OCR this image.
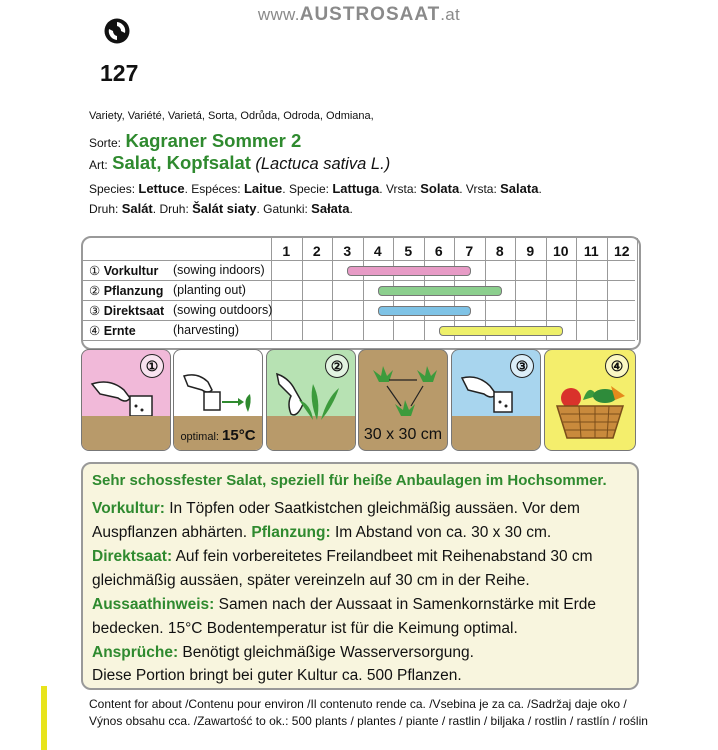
www.AUSTROSAAT.at
127
Variety, Variété, Varietá, Sorta, Odrůda, Odroda, Odmiana,
Sorte: Kagraner Sommer 2
Art: Salat, Kopfsalat (Lactuca sativa L.)
Species: Lettuce. Espéces: Laitue. Specie: Lattuga. Vrsta: Solata. Vrsta: Salata.
Druh: Salát. Druh: Šalát siaty. Gatunki: Sałata.
1	2	3	4	5	6	7	8	9	10	11	12
① Vorkultur (sowing indoors)
② Pflanzung (planting out)
③ Direktsaat (sowing outdoors)
④ Ernte	(harvesting)
①
optimal: 15°C
②
30 x 30 cm
③	④
Sehr schossfester Salat, speziell für heiße Anbaulagen im Hochsommer.
Vorkultur: In Töpfen oder Saatkistchen gleichmäßig aussäen. Vor dem
Auspflanzen abhärten. Pflanzung: Im Abstand von ca. 30 x 30 cm.
Direktsaat: Auf fein vorbereitetes Freilandbeet mit Reihenabstand 30 cm
gleichmäßig aussäen, später vereinzeln auf 30 cm in der Reihe.
Aussaathinweis: Samen nach der Aussaat in Samenkornstärke mit Erde
bedecken. 15°C Bodentemperatur ist für die Keimung optimal.
Ansprüche: Benötigt gleichmäßige Wasserversorgung.
Diese Portion bringt bei guter Kultur ca. 500 Pflanzen.
Content for about /Contenu pour environ /Il contenuto rende ca. /Vsebina je za ca. /Sadržaj daje oko /
Výnos obsahu cca. /Zawartość to ok.: 500 plants / plantes / piante / rastlin / biljaka / rostlin / rastlín / roślin
